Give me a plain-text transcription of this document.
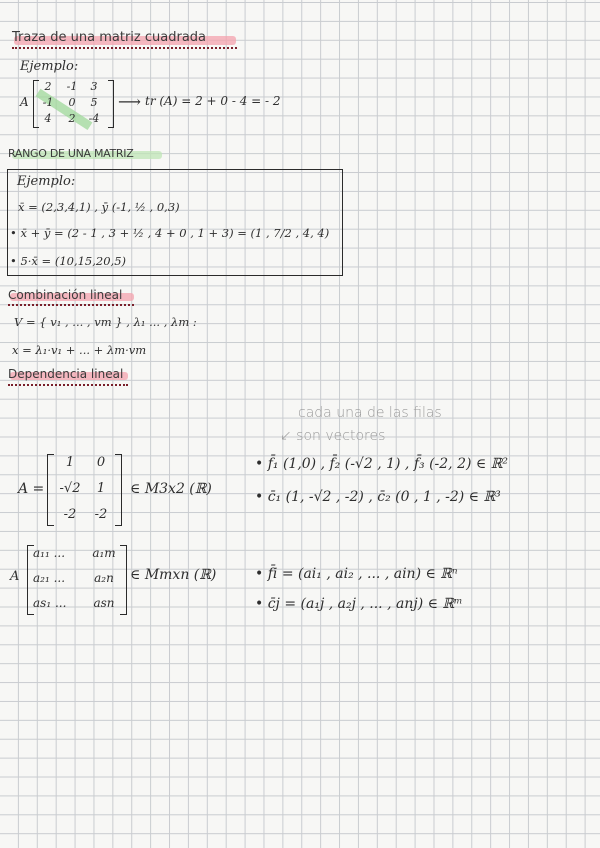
Traza de una matriz cuadrada
Ejemplo:
A
2	-1	3
-1	0	5
4	2	-4
⟶ tr (A) = 2 + 0 - 4 = - 2
RANGO DE UNA MATRIZ
Ejemplo:
x̄ = (2,3,4,1) , ȳ (-1, ½ , 0,3)
• x̄ + ȳ = (2 - 1 , 3 + ½ , 4 + 0 , 1 + 3) = (1 , 7/2 , 4, 4)
• 5·x̄ = (10,15,20,5)
Combinación lineal
V = { v₁ , ... , vm } , λ₁ ... , λm :
x = λ₁·v₁ + ... + λm·vm
Dependencia lineal
cada una de las filas
↙ son vectores
A =
1	0
-√2	1
-2	-2
∈ M3x2 (ℝ)
• f̄₁ (1,0) , f̄₂ (-√2 , 1) , f̄₃ (-2, 2) ∈ ℝ²
• c̄₁ (1, -√2 , -2) , c̄₂ (0 , 1 , -2) ∈ ℝ³
A
a₁₁ ...	a₁m
a₂₁ ...	a₂n
as₁ ...	asn
∈ Mmxn (ℝ)	• f̄i = (ai₁ , ai₂ , ... , ain) ∈ ℝⁿ
• c̄j = (a₁j , a₂j , ... , anj) ∈ ℝᵐ
